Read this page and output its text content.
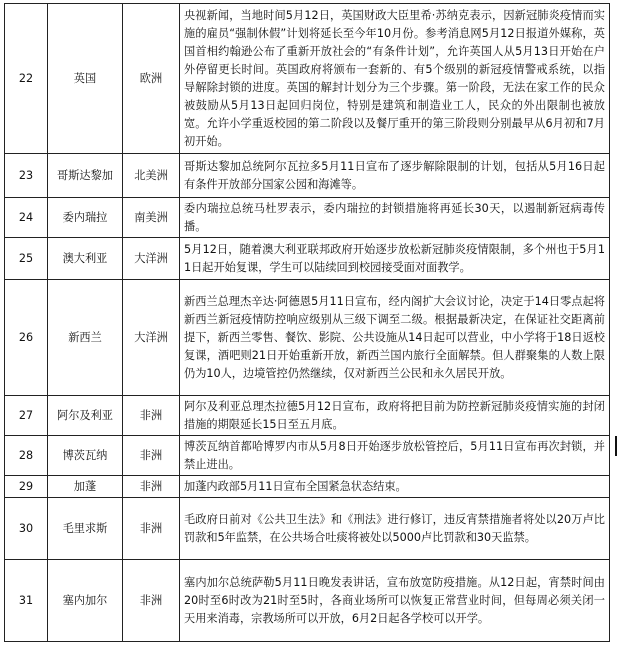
22	英国	欧洲	央视新闻，当地时间5月12日，英国财政大臣里希·苏纳克表示，因新冠肺炎疫情而实施的雇员“强制休假”计划将延长至今年10月份。参考消息网5月12日报道外媒称，英国首相约翰逊公布了重新开放社会的“有条件计划”，允许英国人从5月13日开始在户外停留更长时间。英国政府将颁布一套新的、有5个级别的新冠疫情警戒系统，以指导解除封锁的进度。英国的解封计划分为三个步骤。第一阶段，无法在家工作的民众被鼓励从5月13日起回归岗位，特别是建筑和制造业工人，民众的外出限制也被放宽。允许小学重返校园的第二阶段以及餐厅重开的第三阶段则分别最早从6月初和7月初开始。
23	哥斯达黎加	北美洲	哥斯达黎加总统阿尔瓦拉多5月11日宣布了逐步解除限制的计划，包括从5月16日起有条件开放部分国家公园和海滩等。
24	委内瑞拉	南美洲	委内瑞拉总统马杜罗表示，委内瑞拉的封锁措施将再延长30天，以遏制新冠病毒传播。
25	澳大利亚	大洋洲	5月12日，随着澳大利亚联邦政府开始逐步放松新冠肺炎疫情限制，多个州也于5月11日起开始复课，学生可以陆续回到校园接受面对面教学。
26	新西兰	大洋洲	新西兰总理杰辛达·阿德恩5月11日宣布，经内阁扩大会议讨论，决定于14日零点起将新西兰新冠疫情防控响应级别从三级下调至二级。根据最新决定，在保证社交距离前提下，新西兰零售、餐饮、影院、公共设施从14日起可以营业，中小学将于18日返校复课，酒吧则21日开始重新开放，新西兰国内旅行全面解禁。但人群聚集的人数上限仍为10人，边境管控仍然继续，仅对新西兰公民和永久居民开放。
27	阿尔及利亚	非洲	阿尔及利亚总理杰拉德5月12日宣布，政府将把目前为防控新冠肺炎疫情实施的封闭措施的期限延长15日至五月底。
28	博茨瓦纳	非洲	博茨瓦纳首都哈博罗内市从5月8日开始逐步放松管控后，5月11日宣布再次封锁，并禁止进出。
29	加蓬	非洲	加蓬内政部5月11日宣布全国紧急状态结束。
30	毛里求斯	非洲	毛政府日前对《公共卫生法》和《刑法》进行修订，违反宵禁措施者将处以20万卢比罚款和5年监禁，在公共场合吐痰将被处以5000卢比罚款和30天监禁。
31	塞内加尔	非洲	塞内加尔总统萨勒5月11日晚发表讲话，宣布放宽防疫措施。从12日起，宵禁时间由20时至6时改为21时至5时，各商业场所可以恢复正常营业时间，但每周必须关闭一天用来消毒，宗教场所可以开放，6月2日起各学校可以开学。
